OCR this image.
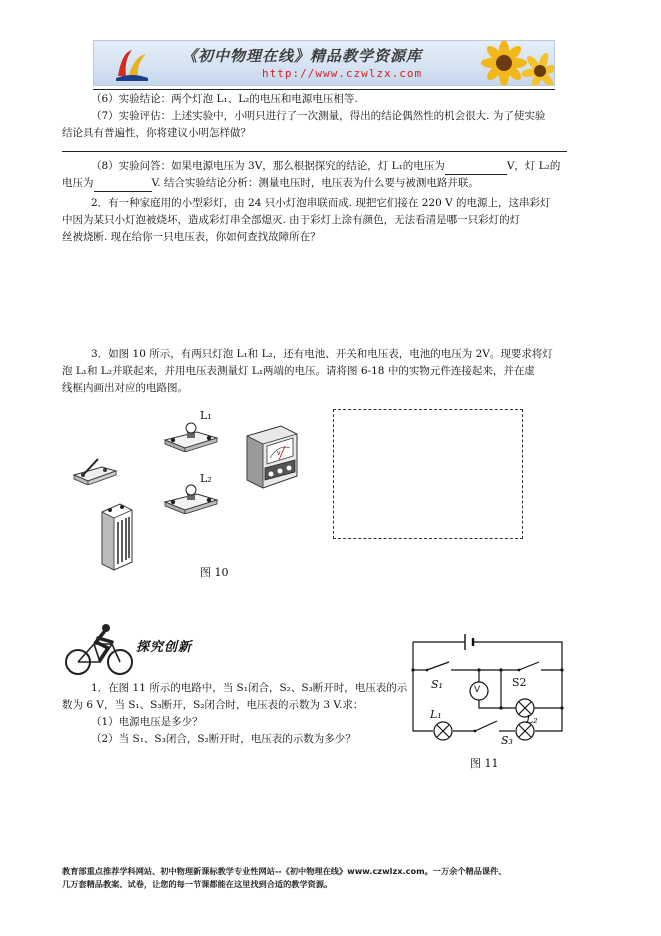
《初中物理在线》精品教学资源库
http://www.czwlzx.com
（6）实验结论：两个灯泡 L₁、L₂的电压和电源电压相等.
（7）实验评估：上述实验中，小明只进行了一次测量，得出的结论偶然性的机会很大. 为了使实验
结论具有普遍性，你将建议小明怎样做？
（8）实验问答：如果电源电压为 3V，那么根据探究的结论，灯 L₁的电压为	V，灯 L₂的
电压为	V. 结合实验结论分析：测量电压时，电压表为什么要与被测电路并联。
2．有一种家庭用的小型彩灯，由 24 只小灯泡串联而成. 现把它们接在 220 V 的电源上，这串彩灯
中因为某只小灯泡被烧坏，造成彩灯串全部熄灭. 由于彩灯上涂有颜色，无法看清是哪一只彩灯的灯
丝被烧断. 现在给你一只电压表，你如何查找故障所在？
3．如图 10 所示，有两只灯泡 L₁和 L₂，还有电池、开关和电压表，电池的电压为 2V。现要求将灯
泡 L₁和 L₂并联起来，并用电压表测量灯 L₁两端的电压。请将图 6-18 中的实物元件连接起来，并在虚
线框内画出对应的电路图。
L₁
L₂
V
图 10
探究创新
1．在图 11 所示的电路中，当 S₁闭合，S₂、S₃断开时，电压表的示
数为 6 V，当 S₁、S₃断开，S₂闭合时，电压表的示数为 3 V.求：
（1）电源电压是多少？
（2）当 S₁、S₃闭合，S₂断开时，电压表的示数为多少？
V
S₁	S2
L₁	L₂
S₃
图 11
教育部重点推荐学科网站、初中物理新课标教学专业性网站--《初中物理在线》www.czwlzx.com。一万余个精品课件、
几万套精品教案、试卷，让您的每一节课都能在这里找到合适的教学资源。
